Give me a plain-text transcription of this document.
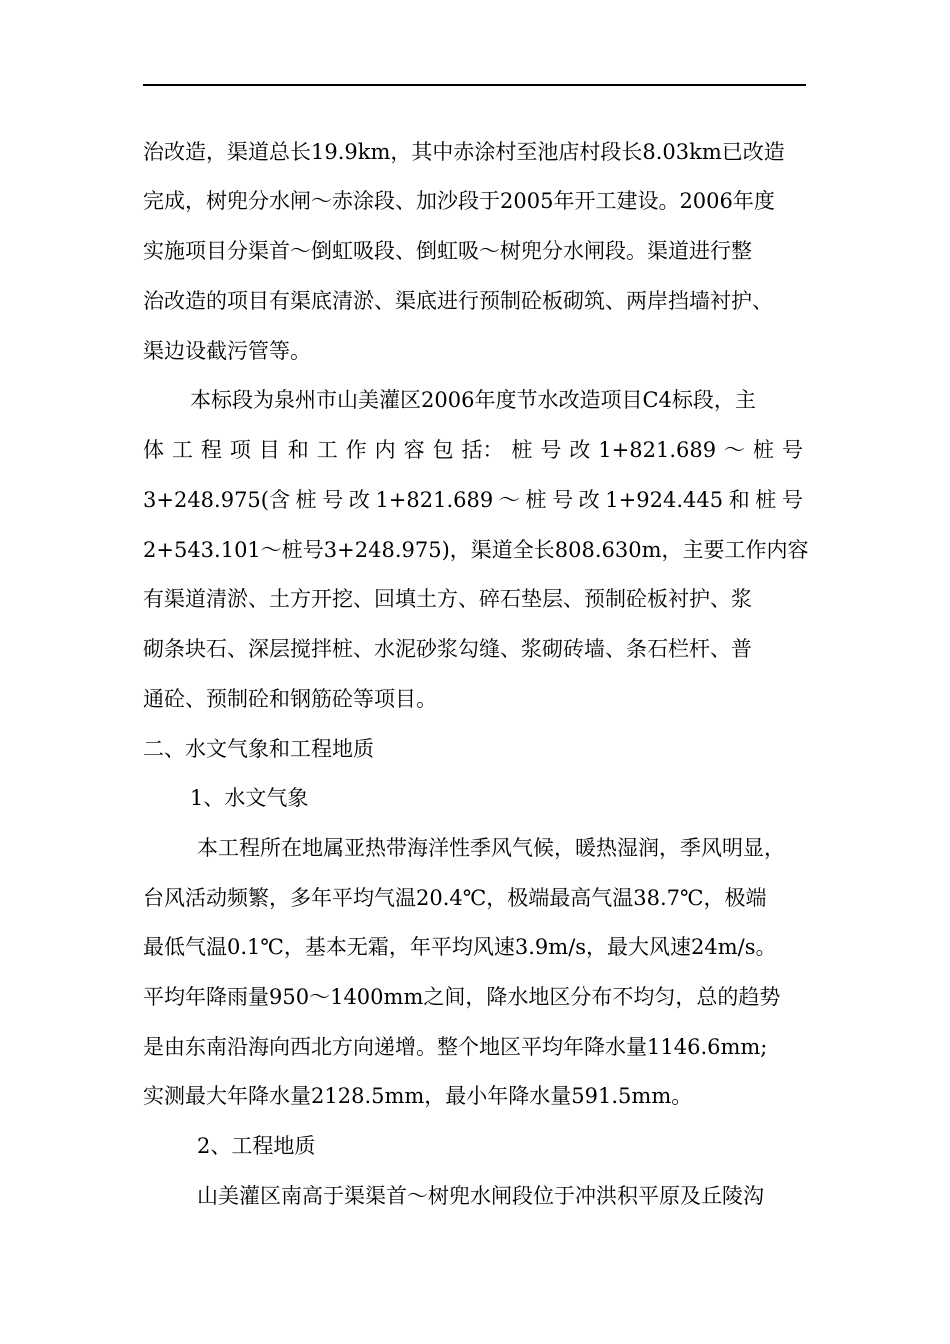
治改造，渠道总长19.9km，其中赤涂村至池店村段长8.03km已改造
完成，树兜分水闸～赤涂段、加沙段于2005年开工建设。2006年度
实施项目分渠首～倒虹吸段、倒虹吸～树兜分水闸段。渠道进行整
治改造的项目有渠底清淤、渠底进行预制砼板砌筑、两岸挡墙衬护、
渠边设截污管等。
本标段为泉州市山美灌区2006年度节水改造项目C4标段，主
体 工 程 项 目 和 工 作 内 容 包 括： 桩 号 改 1+821.689 ～ 桩 号
3+248.975(含 桩 号 改 1+821.689 ～ 桩 号 改 1+924.445 和 桩 号
2+543.101～桩号3+248.975)，渠道全长808.630m，主要工作内容
有渠道清淤、土方开挖、回填土方、碎石垫层、预制砼板衬护、浆
砌条块石、深层搅拌桩、水泥砂浆勾缝、浆砌砖墙、条石栏杆、普
通砼、预制砼和钢筋砼等项目。
二、水文气象和工程地质
1、水文气象
本工程所在地属亚热带海洋性季风气候，暖热湿润，季风明显，
台风活动频繁，多年平均气温20.4℃，极端最高气温38.7℃，极端
最低气温0.1℃，基本无霜，年平均风速3.9m/s，最大风速24m/s。
平均年降雨量950～1400mm之间，降水地区分布不均匀，总的趋势
是由东南沿海向西北方向递增。整个地区平均年降水量1146.6mm;
实测最大年降水量2128.5mm，最小年降水量591.5mm。
2、工程地质
山美灌区南高于渠渠首～树兜水闸段位于冲洪积平原及丘陵沟
